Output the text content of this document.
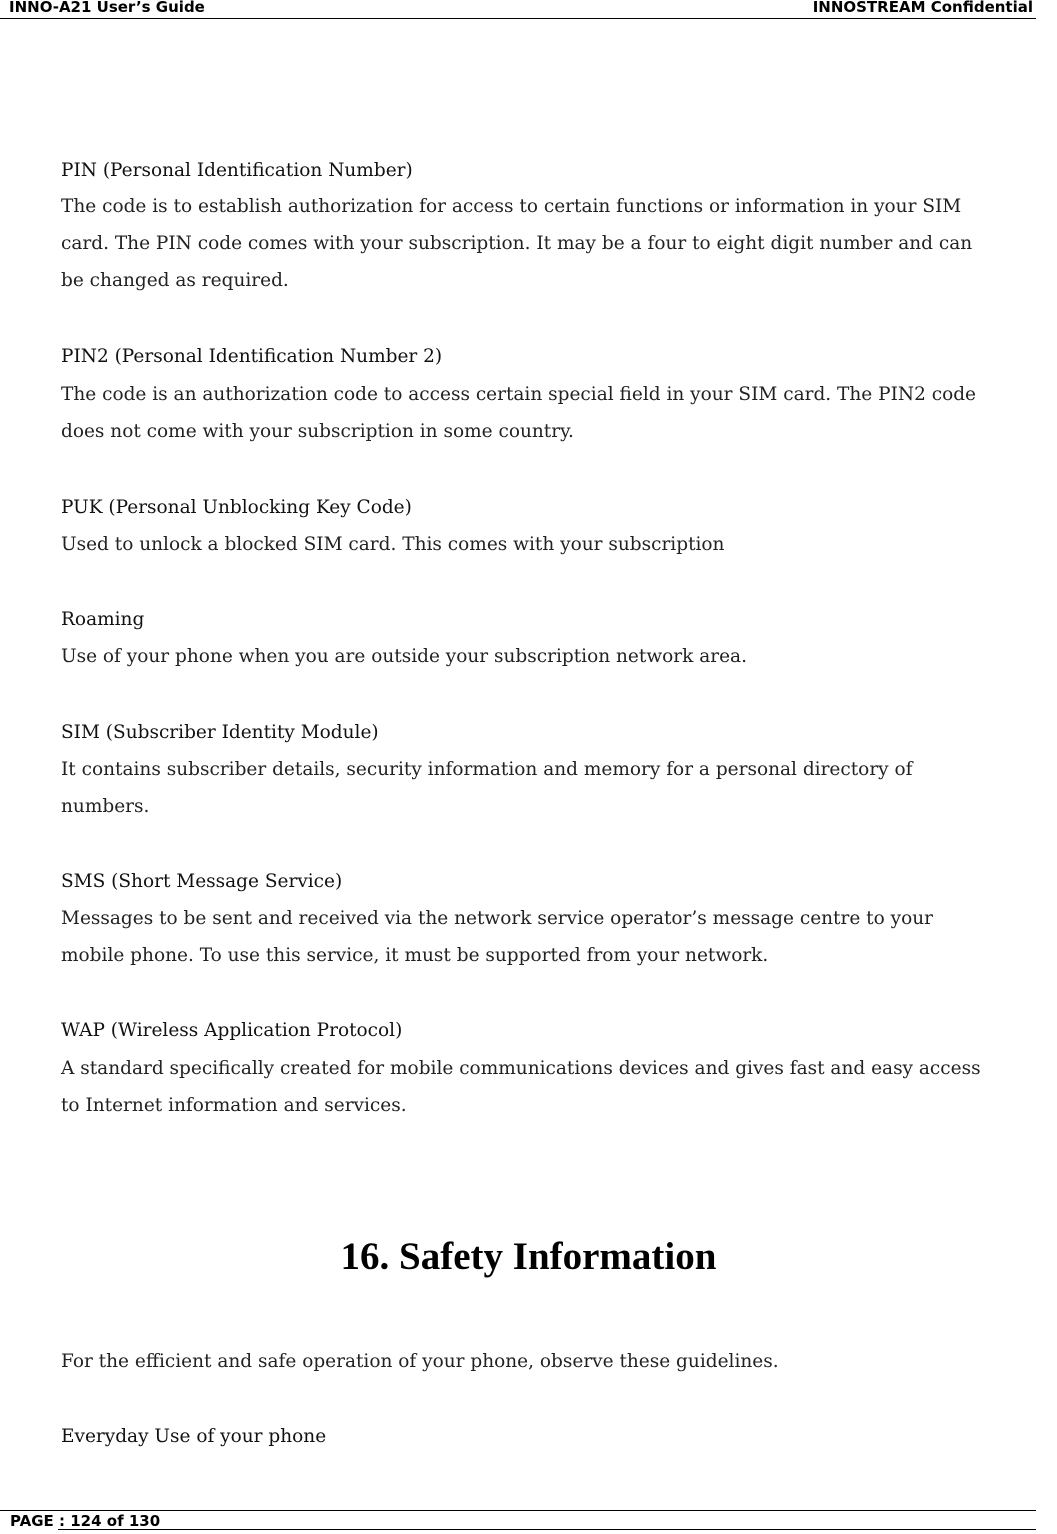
INNO-A21 User’s Guide	INNOSTREAM Confidential
PIN (Personal Identification Number)
The code is to establish authorization for access to certain functions or information in your SIM
card. The PIN code comes with your subscription. It may be a four to eight digit number and can
be changed as required.
PIN2 (Personal Identification Number 2)
The code is an authorization code to access certain special field in your SIM card. The PIN2 code
does not come with your subscription in some country.
PUK (Personal Unblocking Key Code)
Used to unlock a blocked SIM card. This comes with your subscription
Roaming
Use of your phone when you are outside your subscription network area.
SIM (Subscriber Identity Module)
It contains subscriber details, security information and memory for a personal directory of
numbers.
SMS (Short Message Service)
Messages to be sent and received via the network service operator’s message centre to your
mobile phone. To use this service, it must be supported from your network.
WAP (Wireless Application Protocol)
A standard specifically created for mobile communications devices and gives fast and easy access
to Internet information and services.
For the efficient and safe operation of your phone, observe these guidelines.
Everyday Use of your phone
16. Safety Information
PAGE : 124 of 130
